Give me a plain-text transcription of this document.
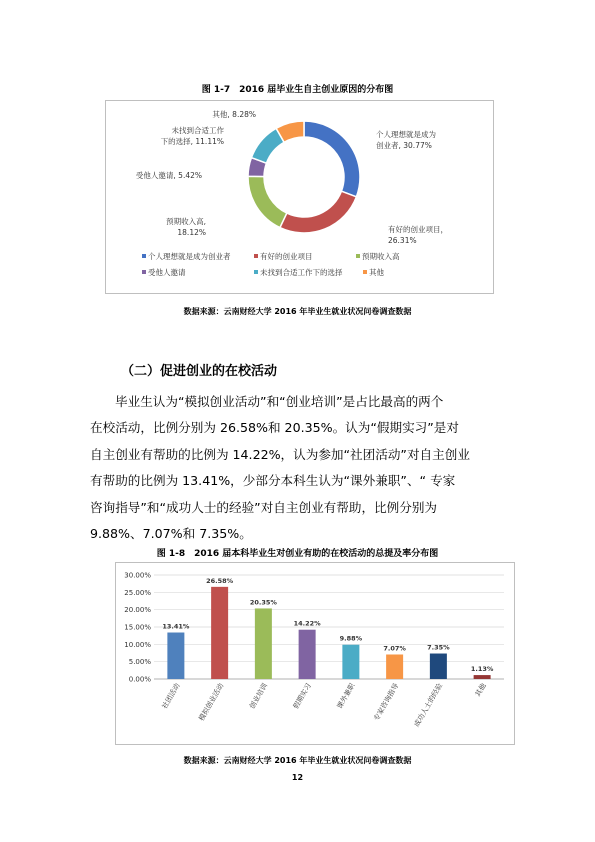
图 1-7　2016 届毕业生自主创业原因的分布图
个人理想就是成为创业者, 30.77%
有好的创业项目， 26.31%
预期收入高, 18.12%
受他人邀请, 5.42%
未找到合适工作下的选择, 11.11%
其他, 8.28%
个人理想就是成为创业者	有好的创业项目	预期收入高
受他人邀请	未找到合适工作下的选择	其他
数据来源：云南财经大学 2016 年毕业生就业状况问卷调查数据
（二）促进创业的在校活动
毕业生认为“模拟创业活动”和“创业培训”是占比最高的两个
在校活动，比例分别为 26.58%和 20.35%。认为“假期实习”是对
自主创业有帮助的比例为 14.22%，认为参加“社团活动”对自主创业
有帮助的比例为 13.41%，少部分本科生认为“课外兼职”、“ 专家
咨询指导”和“成功人士的经验”对自主创业有帮助，比例分别为
9.88%、7.07%和 7.35%。
图 1-8　2016 届本科毕业生对创业有助的在校活动的总提及率分布图
0.00%
5.00%
10.00%
15.00%
20.00%
25.00%
30.00%
13.41%
社团活动
26.58%
模拟创业活动
20.35%
创业培训
14.22%
假期实习
9.88%
课外兼职
7.07%
专家咨询指导
7.35%
成功人士的经验
1.13%
其他
数据来源：云南财经大学 2016 年毕业生就业状况问卷调查数据
12
